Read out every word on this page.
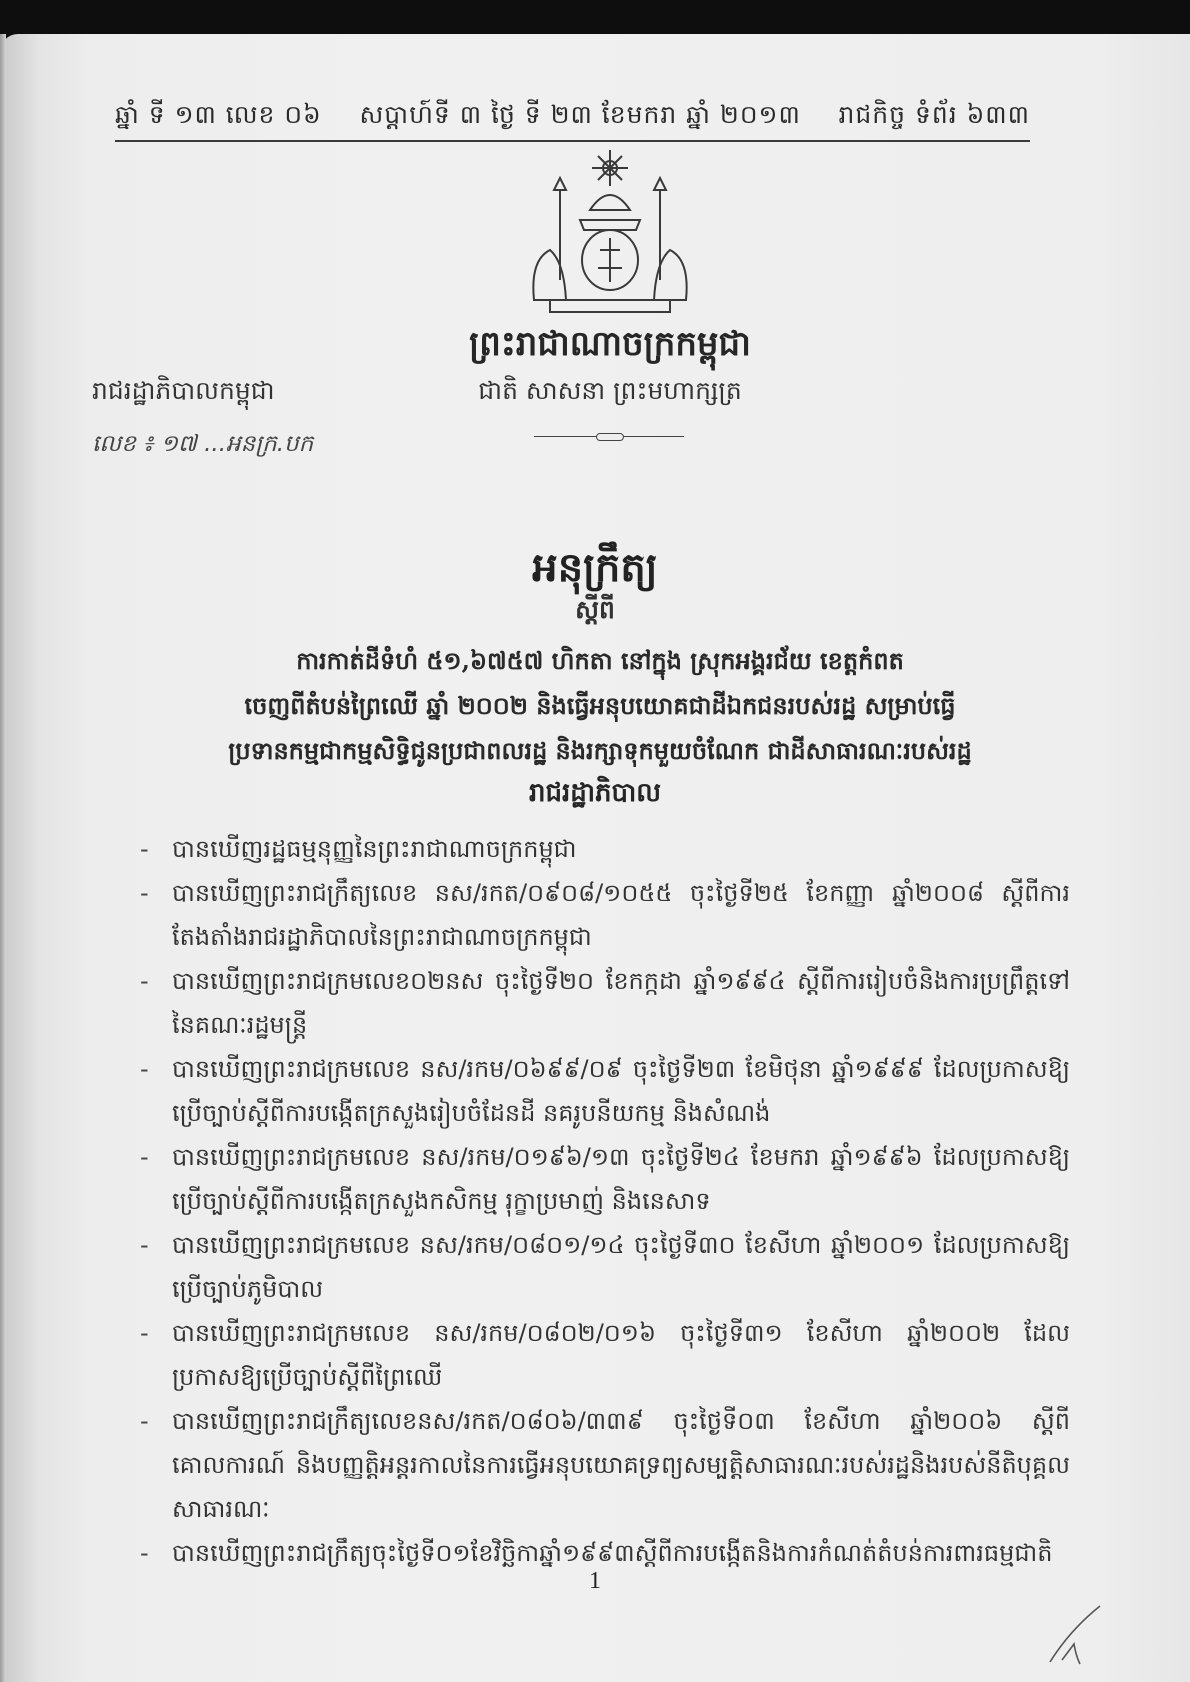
ឆ្នាំ ទី ១៣ លេខ ០៦ សប្តាហ៍ទី ៣ ថ្ងៃ ទី ២៣ ខែមករា ឆ្នាំ ២០១៣ រាជកិច្ច ទំព័រ ៦៣៣
ព្រះរាជាណាចក្រកម្ពុជា
ជាតិ សាសនា ព្រះមហាក្សត្រ
រាជរដ្ឋាភិបាលកម្ពុជា
លេខ ៖ ១៧ ...អនក្រ.បក
អនុក្រឹត្យ
ស្តីពី
ការកាត់ដីទំហំ ៥១,៦៧៥៧ ហិកតា នៅក្នុង ស្រុកអង្គរជ័យ ខេត្តកំពត
ចេញពីតំបន់ព្រៃឈើ ឆ្នាំ ២០០២ និងធ្វើអនុបយោគជាដីឯកជនរបស់រដ្ឋ សម្រាប់ធ្វើ
ប្រទានកម្មជាកម្មសិទ្ធិជូនប្រជាពលរដ្ឋ និងរក្សាទុកមួយចំណែក ជាដីសាធារណៈរបស់រដ្ឋ
រាជរដ្ឋាភិបាល
- បានឃើញរដ្ឋធម្មនុញ្ញនៃព្រះរាជាណាចក្រកម្ពុជា
- បានឃើញព្រះរាជក្រឹត្យលេខ នស/រកត/០៩០៨/១០៥៥ ចុះថ្ងៃទី២៥ ខែកញ្ញា ឆ្នាំ២០០៨ ស្តីពីការតែងតាំងរាជរដ្ឋាភិបាលនៃព្រះរាជាណាចក្រកម្ពុជា
- បានឃើញព្រះរាជក្រមលេខ០២នស ចុះថ្ងៃទី២០ ខែកក្កដា ឆ្នាំ១៩៩៤ ស្តីពីការរៀបចំនិងការប្រព្រឹត្តទៅនៃគណៈរដ្ឋមន្ត្រី
- បានឃើញព្រះរាជក្រមលេខ នស/រកម/០៦៩៩/០៩ ចុះថ្ងៃទី២៣ ខែមិថុនា ឆ្នាំ១៩៩៩ ដែលប្រកាសឱ្យប្រើច្បាប់ស្តីពីការបង្កើតក្រសួងរៀបចំដែនដី នគរូបនីយកម្ម និងសំណង់
- បានឃើញព្រះរាជក្រមលេខ នស/រកម/០១៩៦/១៣ ចុះថ្ងៃទី២៤ ខែមករា ឆ្នាំ១៩៩៦ ដែលប្រកាសឱ្យប្រើច្បាប់ស្តីពីការបង្កើតក្រសួងកសិកម្ម រុក្ខាប្រមាញ់ និងនេសាទ
- បានឃើញព្រះរាជក្រមលេខ នស/រកម/០៨០១/១៤ ចុះថ្ងៃទី៣០ ខែសីហា ឆ្នាំ២០០១ ដែលប្រកាសឱ្យប្រើច្បាប់ភូមិបាល
- បានឃើញព្រះរាជក្រមលេខ នស/រកម/០៨០២/០១៦ ចុះថ្ងៃទី៣១ ខែសីហា ឆ្នាំ២០០២ ដែលប្រកាសឱ្យប្រើច្បាប់ស្តីពីព្រៃឈើ
- បានឃើញព្រះរាជក្រឹត្យលេខនស/រកត/០៨០៦/៣៣៩ ចុះថ្ងៃទី០៣ ខែសីហា ឆ្នាំ២០០៦ ស្តីពីគោលការណ៍ និងបញ្ញត្តិអន្តរកាលនៃការធ្វើអនុបយោគទ្រព្យសម្បត្តិសាធារណៈរបស់រដ្ឋនិងរបស់នីតិបុគ្គលសាធារណៈ
- បានឃើញព្រះរាជក្រឹត្យចុះថ្ងៃទី០១ខែវិច្ឆិកាឆ្នាំ១៩៩៣ស្តីពីការបង្កើតនិងការកំណត់តំបន់ការពារធម្មជាតិ
1
